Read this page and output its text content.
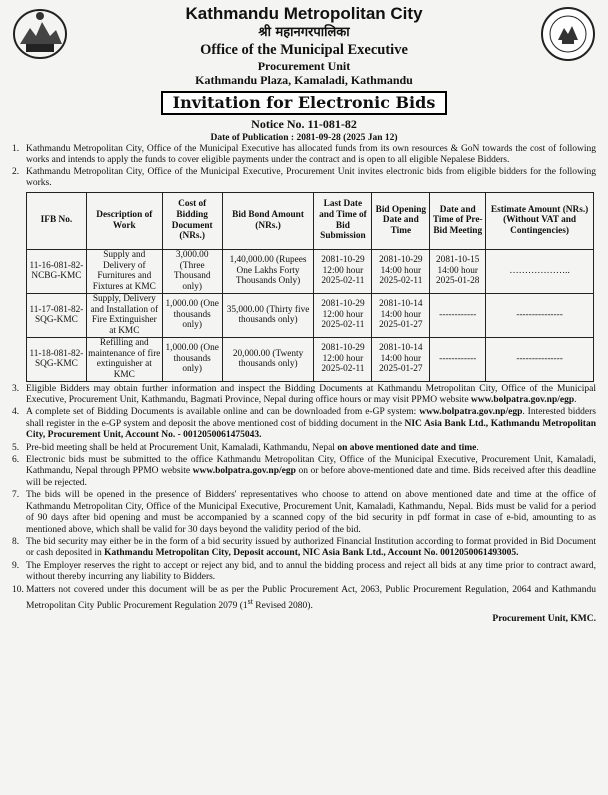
Kathmandu Metropolitan City
श्री महानगरपालिका
Office of the Municipal Executive
Procurement Unit
Kathmandu Plaza, Kamaladi, Kathmandu
Invitation for Electronic Bids
Notice No. 11-081-82
Date of Publication : 2081-09-28 (2025 Jan 12)
1. Kathmandu Metropolitan City, Office of the Municipal Executive has allocated funds from its own resources & GoN towards the cost of following works and intends to apply the funds to cover eligible payments under the contract and is open to all eligible Nepalese Bidders.
2. Kathmandu Metropolitan City, Office of the Municipal Executive, Procurement Unit invites electronic bids from eligible bidders for the following works.
IFB No.	Description of Work	Cost of Bidding Document (NRs.)	Bid Bond Amount (NRs.)	Last Date and Time of Bid Submission	Bid Opening Date and Time	Date and Time of Pre-Bid Meeting	Estimate Amount (NRs.) (Without VAT and Contingencies)
11-16-081-82-NCBG-KMC	Supply and Delivery of Furnitures and Fixtures at KMC	3,000.00 (Three Thousand only)	1,40,000.00 (Rupees One Lakhs Forty Thousands Only)	2081-10-29 12:00 hour 2025-02-11	2081-10-29 14:00 hour 2025-02-11	2081-10-15 14:00 hour 2025-01-28	………………..
11-17-081-82-SQG-KMC	Supply, Delivery and Installation of Fire Extinguisher at KMC	1,000.00 (One thousands only)	35,000.00 (Thirty five thousands only)	2081-10-29 12:00 hour 2025-02-11	2081-10-14 14:00 hour 2025-01-27	------------	---------------
11-18-081-82-SQG-KMC	Refilling and maintenance of fire extinguisher at KMC	1,000.00 (One thousands only)	20,000.00 (Twenty thousands only)	2081-10-29 12:00 hour 2025-02-11	2081-10-14 14:00 hour 2025-01-27	------------	---------------
3. Eligible Bidders may obtain further information and inspect the Bidding Documents at Kathmandu Metropolitan City, Office of the Municipal Executive, Procurement Unit, Kathmandu, Bagmati Province, Nepal during office hours or may visit PPMO website www.bolpatra.gov.np/egp.
4. A complete set of Bidding Documents is available online and can be downloaded from e-GP system: www.bolpatra.gov.np/egp. Interested bidders shall register in the e-GP system and deposit the above mentioned cost of bidding document in the NIC Asia Bank Ltd., Kathmandu Metropolitan City, Procurement Unit, Account No. - 0012050061475043.
5. Pre-bid meeting shall be held at Procurement Unit, Kamaladi, Kathmandu, Nepal on above mentioned date and time.
6. Electronic bids must be submitted to the office Kathmandu Metropolitan City, Office of the Municipal Executive, Procurement Unit, Kamaladi, Kathmandu, Nepal through PPMO website www.bolpatra.gov.np/egp on or before above-mentioned date and time. Bids received after this deadline will be rejected.
7. The bids will be opened in the presence of Bidders' representatives who choose to attend on above mentioned date and time at the office of Kathmandu Metropolitan City, Office of the Municipal Executive, Procurement Unit, Kamaladi, Kathmandu, Nepal. Bids must be valid for a period of 90 days after bid opening and must be accompanied by a scanned copy of the bid security in pdf format in case of e-bid, amounting to as mentioned above, which shall be valid for 30 days beyond the validity period of the bid.
8. The bid security may either be in the form of a bid security issued by authorized Financial Institution according to format provided in Bid Document or cash deposited in Kathmandu Metropolitan City, Deposit account, NIC Asia Bank Ltd., Account No. 0012050061493005.
9. The Employer reserves the right to accept or reject any bid, and to annul the bidding process and reject all bids at any time prior to contract award, without thereby incurring any liability to Bidders.
10. Matters not covered under this document will be as per the Public Procurement Act, 2063, Public Procurement Regulation, 2064 and Kathmandu Metropolitan City Public Procurement Regulation 2079 (1st Revised 2080).
Procurement Unit, KMC.
